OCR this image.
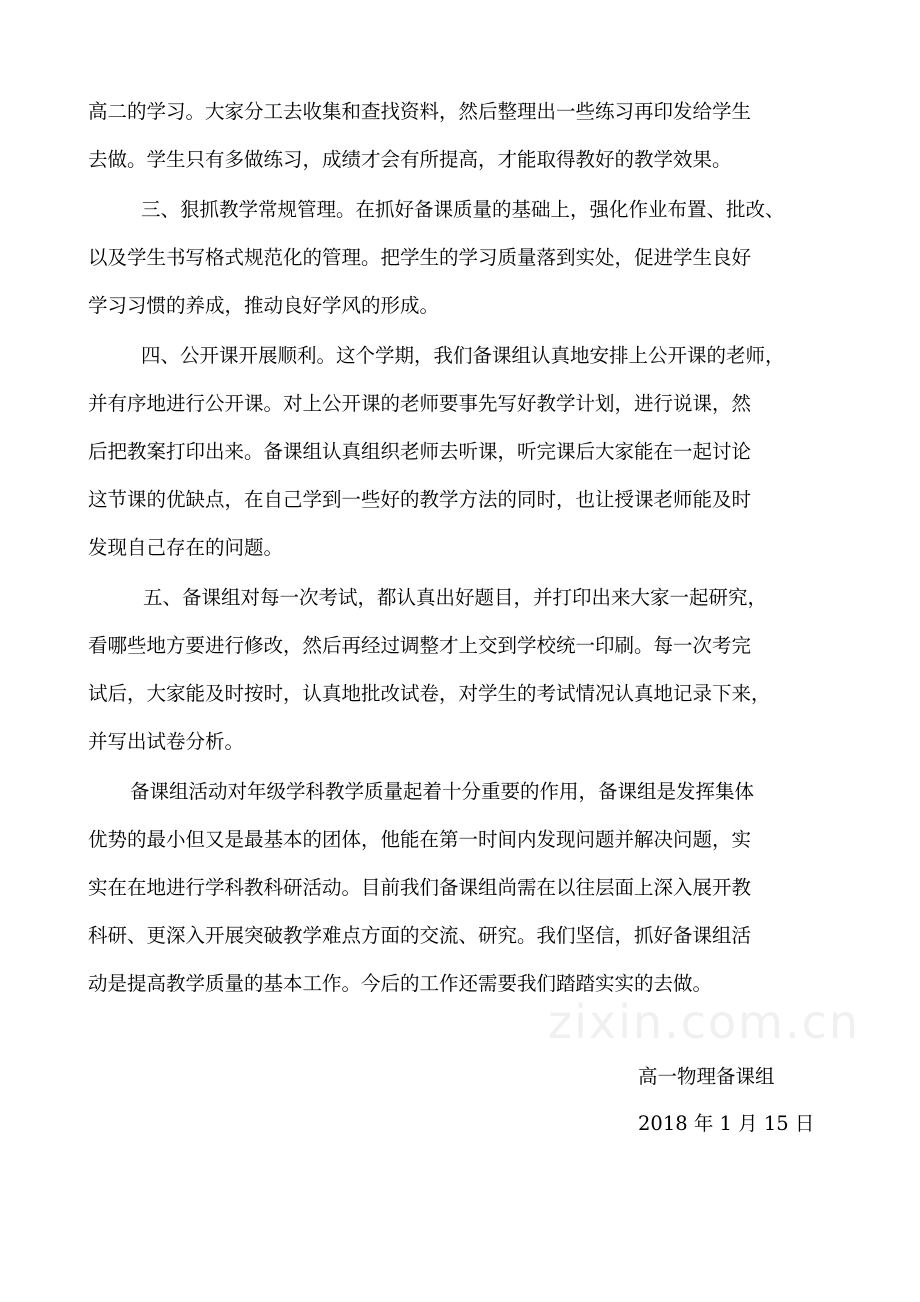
zixin.com.cn
高二的学习。大家分工去收集和查找资料，然后整理出一些练习再印发给学生
去做。学生只有多做练习，成绩才会有所提高，才能取得教好的教学效果。
三、狠抓教学常规管理。在抓好备课质量的基础上，强化作业布置、批改、
以及学生书写格式规范化的管理。把学生的学习质量落到实处，促进学生良好
学习习惯的养成，推动良好学风的形成。
四、公开课开展顺利。这个学期，我们备课组认真地安排上公开课的老师，
并有序地进行公开课。对上公开课的老师要事先写好教学计划，进行说课，然
后把教案打印出来。备课组认真组织老师去听课，听完课后大家能在一起讨论
这节课的优缺点，在自己学到一些好的教学方法的同时，也让授课老师能及时
发现自己存在的问题。
五、备课组对每一次考试，都认真出好题目，并打印出来大家一起研究，
看哪些地方要进行修改，然后再经过调整才上交到学校统一印刷。每一次考完
试后，大家能及时按时，认真地批改试卷，对学生的考试情况认真地记录下来，
并写出试卷分析。
备课组活动对年级学科教学质量起着十分重要的作用，备课组是发挥集体
优势的最小但又是最基本的团体，他能在第一时间内发现问题并解决问题，实
实在在地进行学科教科研活动。目前我们备课组尚需在以往层面上深入展开教
科研、更深入开展突破教学难点方面的交流、研究。我们坚信，抓好备课组活
动是提高教学质量的基本工作。今后的工作还需要我们踏踏实实的去做。
高一物理备课组
2018 年 1 月 15 日
